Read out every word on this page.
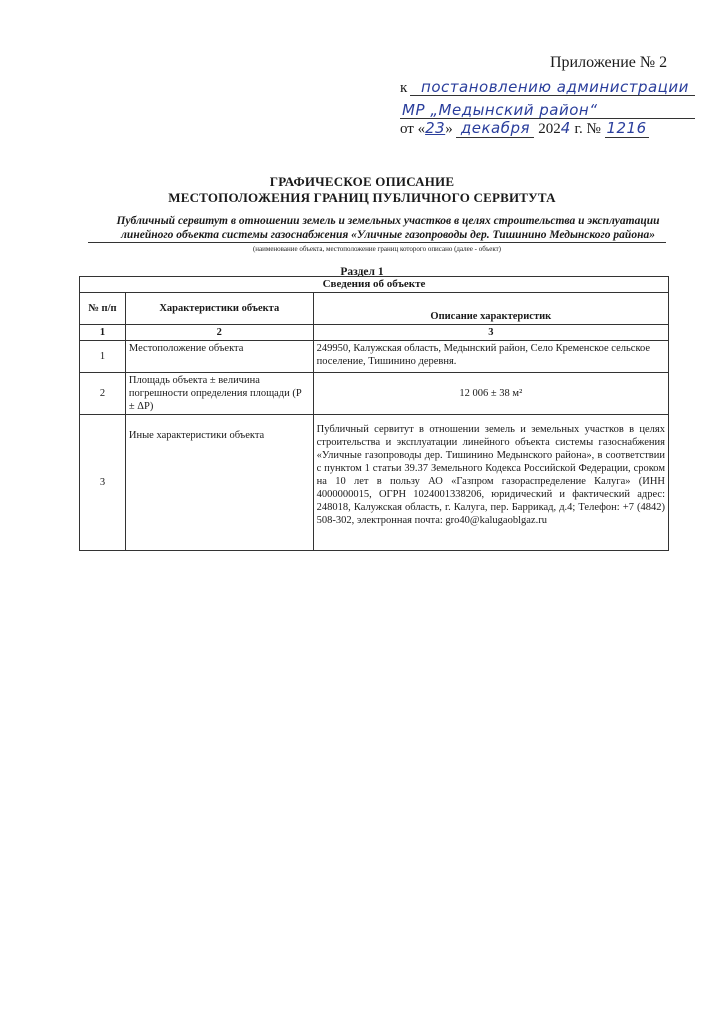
Приложение № 2
к постановлению администрации
МР „Медынский район“
от «23» декабря 2024 г. № 1216
ГРАФИЧЕСКОЕ ОПИСАНИЕ
МЕСТОПОЛОЖЕНИЯ ГРАНИЦ ПУБЛИЧНОГО СЕРВИТУТА
Публичный сервитут в отношении земель и земельных участков в целях строительства и эксплуатации
линейного объекта системы газоснабжения «Уличные газопроводы дер. Тишинино Медынского района»
(наименование объекта, местоположение границ которого описано (далее - объект)
Раздел 1
Сведения об объекте		
№ п/п	Характеристики объекта	Описание характеристик
1	2	3
1	Местоположение объекта	249950, Калужская область, Медынский район, Село Кременское сельское поселение, Тишинино деревня.
2	Площадь объекта ± величина погрешности определения площади (P ± ΔP)	12 006 ± 38 м²
3	Иные характеристики объекта	Публичный сервитут в отношении земель и земельных участков в целях строительства и эксплуатации линейного объекта системы газоснабжения «Уличные газопроводы дер. Тишинино Медынского района», в соответствии с пунктом 1 статьи 39.37 Земельного Кодекса Российской Федерации, сроком на 10 лет в пользу АО «Газпром газораспределение Калуга» (ИНН 4000000015, ОГРН 1024001338206, юридический и фактический адрес: 248018, Калужская область, г. Калуга, пер. Баррикад, д.4; Телефон: +7 (4842) 508-302, электронная почта: gro40@kalugaoblgaz.ru
